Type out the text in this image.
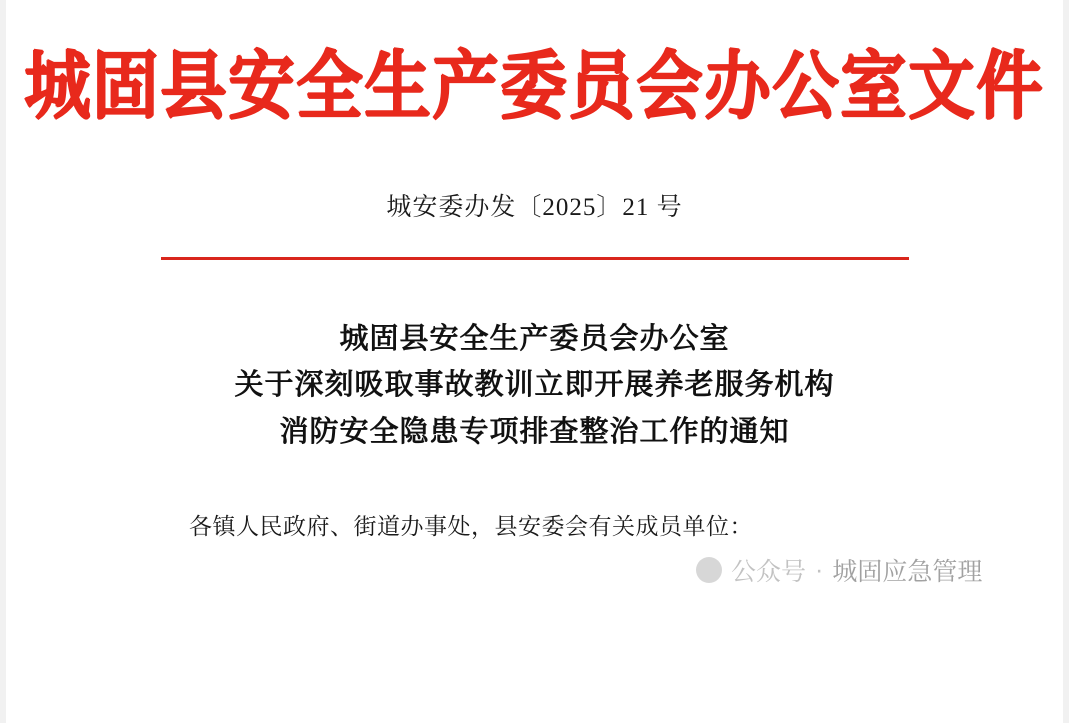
城固县安全生产委员会办公室文件
城安委办发〔2025〕21 号
城固县安全生产委员会办公室
关于深刻吸取事故教训立即开展养老服务机构
消防安全隐患专项排查整治工作的通知
各镇人民政府、街道办事处，县安委会有关成员单位：
公众号 · 城固应急管理
